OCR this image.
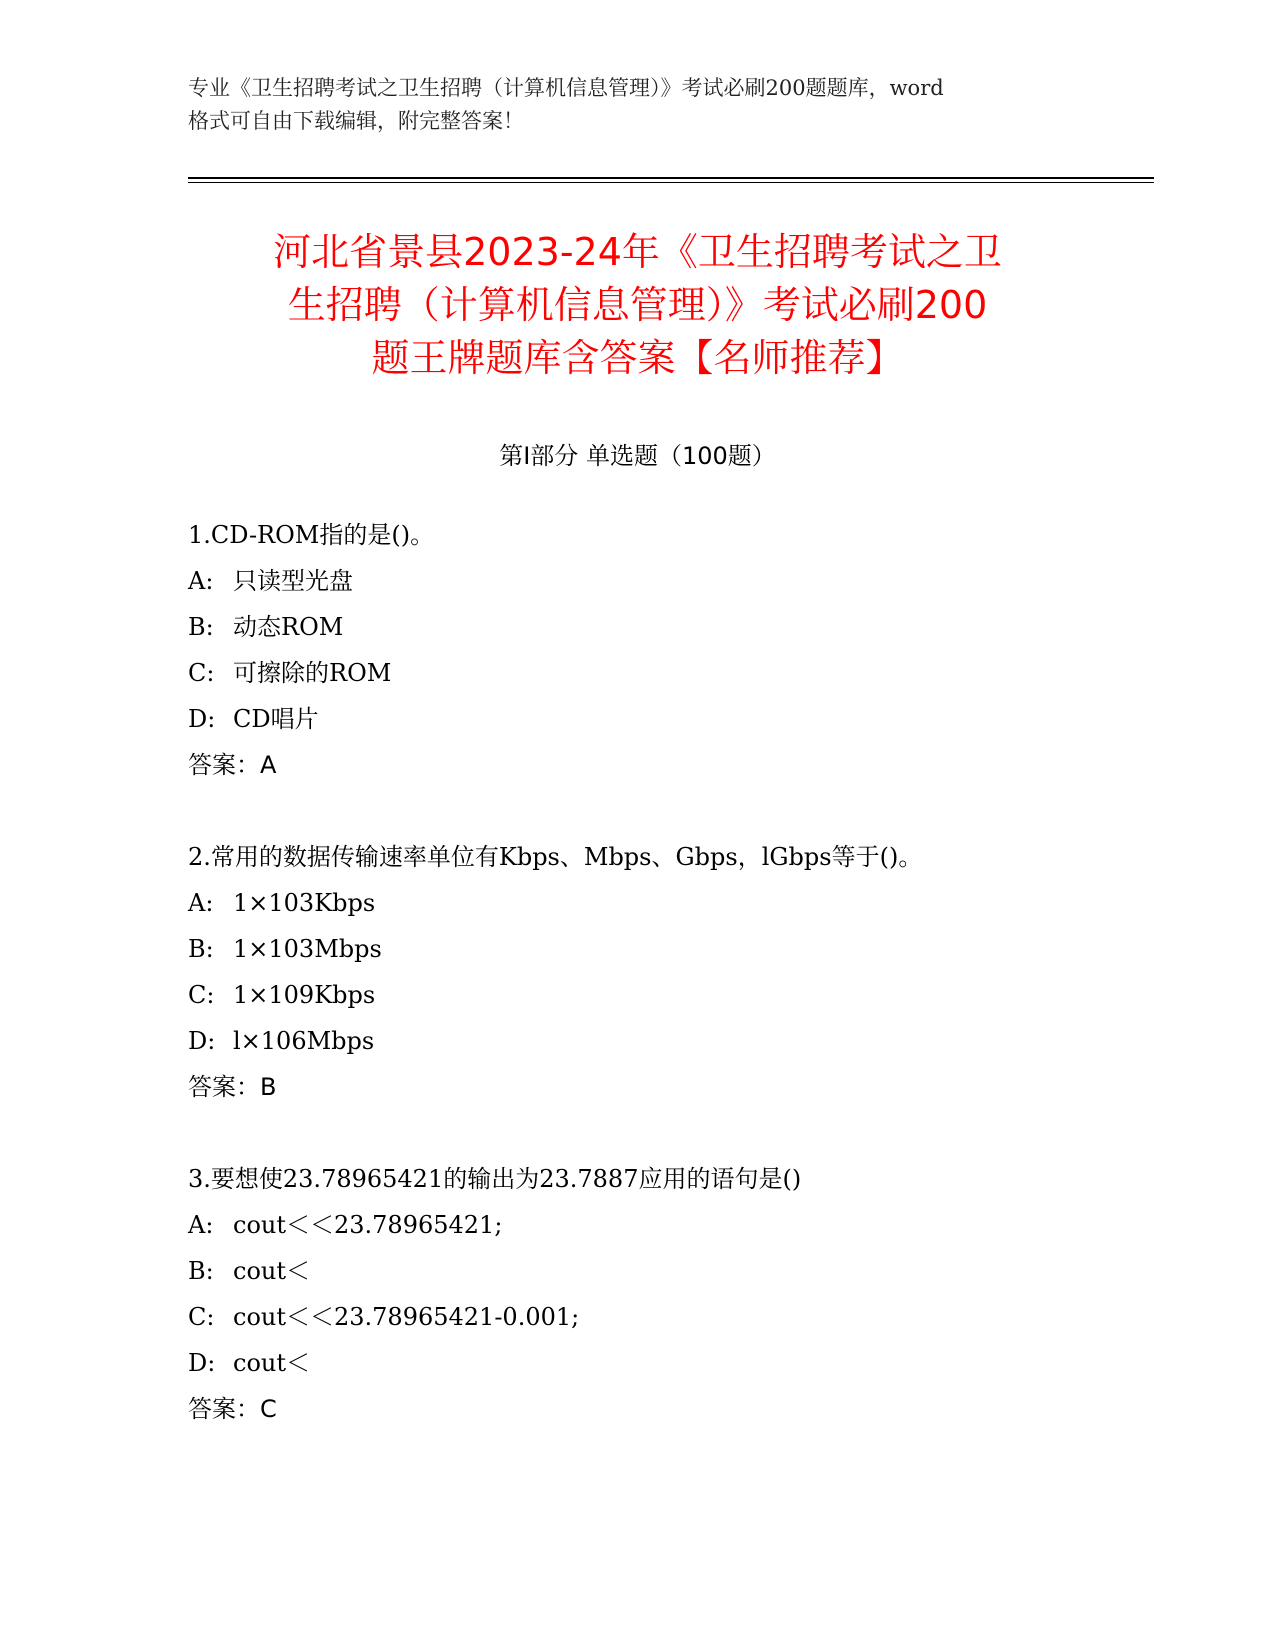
专业《卫生招聘考试之卫生招聘（计算机信息管理）》考试必刷200题题库，word
格式可自由下载编辑，附完整答案！
河北省景县2023-24年《卫生招聘考试之卫
生招聘（计算机信息管理）》考试必刷200
题王牌题库含答案【名师推荐】
第Ⅰ部分 单选题（100题）
1.CD-ROM指的是()。
A: 只读型光盘
B: 动态ROM
C: 可擦除的ROM
D: CD唱片
答案：A
2.常用的数据传输速率单位有Kbps、Mbps、Gbps，lGbps等于()。
A: 1×103Kbps
B: 1×103Mbps
C: 1×109Kbps
D: l×106Mbps
答案：B
3.要想使23.78965421的输出为23.7887应用的语句是()
A: cout＜＜23.78965421;
B: cout＜
C: cout＜＜23.78965421-0.001;
D: cout＜
答案：C
